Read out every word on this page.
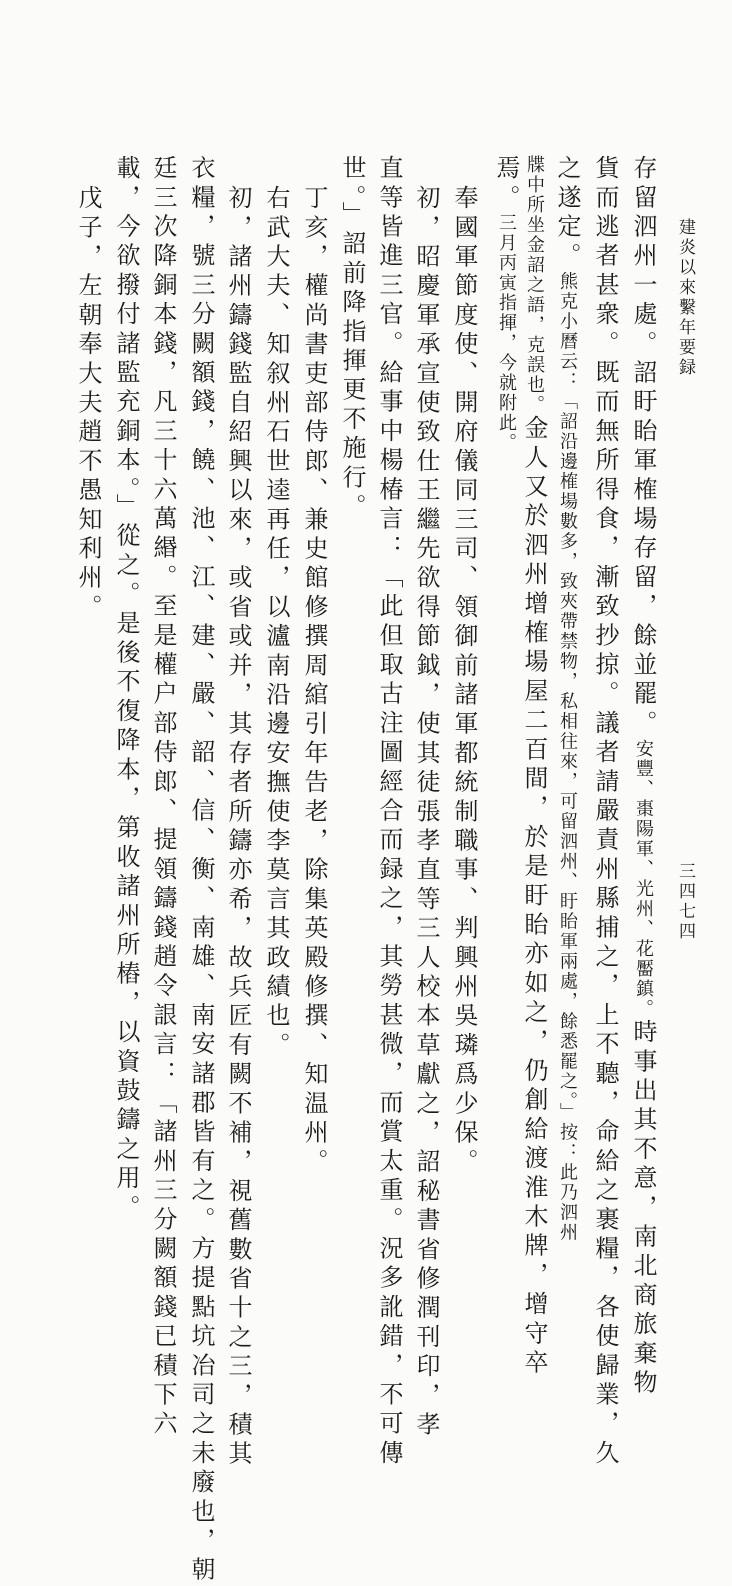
建炎以來繫年要録
三四七四
存留泗州一處。詔盱眙軍榷場存留，餘並罷。安豐、棗陽軍、光州、花靨鎮。時事出其不意，南北商旅棄物
貨而逃者甚衆。既而無所得食，漸致抄掠。議者請嚴責州縣捕之，上不聽，命給之裹糧，各使歸業，久
之遂定。熊克小曆云：「詔沿邊榷場數多，致夾帶禁物，私相往來，可留泗州、盱眙軍兩處，餘悉罷之。」按：此乃泗州
牒中所坐金詔之語，克誤也。金人又於泗州增榷場屋二百間，於是盱眙亦如之，仍創給渡淮木牌，增守卒
焉。三月丙寅指揮，今就附此。
奉國軍節度使、開府儀同三司、領御前諸軍都統制職事、判興州吳璘爲少保。
初，昭慶軍承宣使致仕王繼先欲得節鉞，使其徒張孝直等三人校本草獻之，詔秘書省修潤刊印，孝
直等皆進三官。給事中楊椿言：「此但取古注圖經合而録之，其勞甚微，而賞太重。況多訛錯，不可傳
世。」詔前降指揮更不施行。
丁亥，權尚書吏部侍郎、兼史館修撰周綰引年告老，除集英殿修撰、知温州。
右武大夫、知叙州石世逵再任，以瀘南沿邊安撫使李莫言其政績也。
初，諸州鑄錢監自紹興以來，或省或并，其存者所鑄亦希，故兵匠有闕不補，視舊數省十之三，積其
衣糧，號三分闕額錢，饒、池、江、建、嚴、韶、信、衡、南雄、南安諸郡皆有之。方提點坑冶司之未廢也，朝
廷三次降銅本錢，凡三十六萬緡。至是權户部侍郎、提領鑄錢趙令詪言：「諸州三分闕額錢已積下六
載，今欲撥付諸監充銅本。」從之。是後不復降本，第收諸州所樁，以資鼓鑄之用。
戊子，左朝奉大夫趙不愚知利州。
